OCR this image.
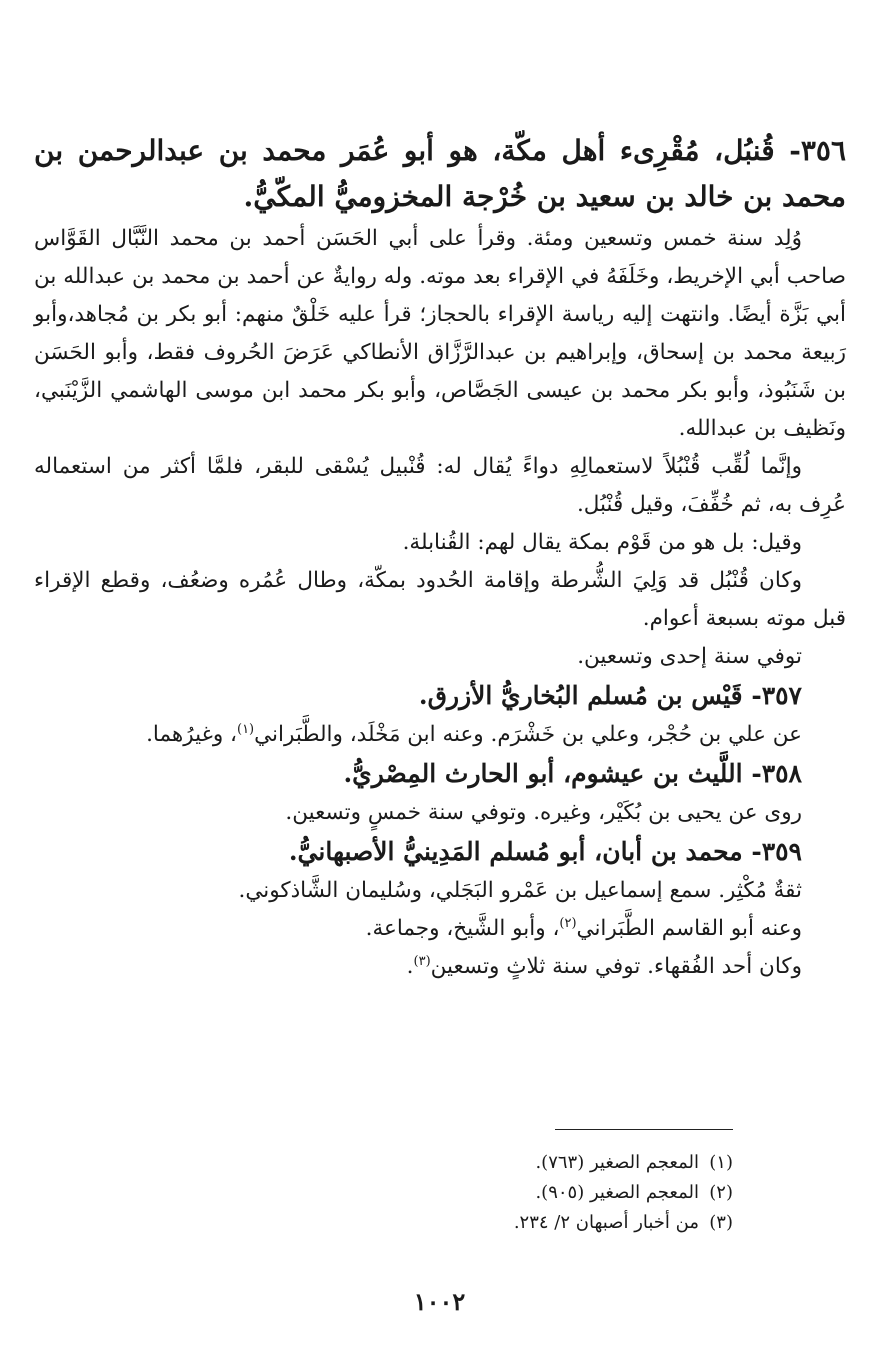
٣٥٦- قُنبُل، مُقْرِىء أهل مكّة، هو أبو عُمَر محمد بن عبدالرحمن بن محمد بن خالد بن سعيد بن خُرْجة المخزوميُّ المكّيُّ.

وُلِد سنة خمس وتسعين ومئة. وقرأ على أبي الحَسَن أحمد بن محمد النَّبَّال القَوَّاس صاحب أبي الإخريط، وخَلَفَهُ في الإقراء بعد موته. وله روايةٌ عن أحمد بن محمد بن عبدالله بن أبي بَزَّة أيضًا. وانتهت إليه رياسة الإقراء بالحجاز؛ قرأ عليه خَلْقٌ منهم: أبو بكر بن مُجاهد،وأبو رَبيعة محمد بن إسحاق، وإبراهيم بن عبدالرَّزَّاق الأنطاكي عَرَضَ الحُروف فقط، وأبو الحَسَن بن شَنَبُوذ، وأبو بكر محمد بن عيسى الجَصَّاص، وأبو بكر محمد ابن موسى الهاشمي الزَّيْنَبي، ونَظيف بن عبدالله.

وإنَّما لُقِّب قُنْبُلاً لاستعمالِهِ دواءً يُقال له: قُنْبيل يُسْقى للبقر، فلمَّا أكثر من استعماله عُرِف به، ثم خُفِّفَ، وقيل قُنْبُل.

وقيل: بل هو من قَوْم بمكة يقال لهم: القُنابلة.

وكان قُنْبُل قد وَلِيَ الشُّرطة وإقامة الحُدود بمكّة، وطال عُمُره وضعُف، وقطع الإقراء قبل موته بسبعة أعوام.

توفي سنة إحدى وتسعين.

٣٥٧- قَيْس بن مُسلم البُخاريُّ الأزرق.

عن علي بن حُجْر، وعلي بن خَشْرَم. وعنه ابن مَخْلَد، والطَّبَراني$^{(١)}$، وغيرُهما.

٣٥٨- اللَّيث بن عيشوم، أبو الحارث المِصْريُّ.

روى عن يحيى بن بُكَيْر، وغيره. وتوفي سنة خمسٍ وتسعين.

٣٥٩- محمد بن أبان، أبو مُسلم المَدِينيُّ الأصبهانيُّ.

ثقةٌ مُكْثِر. سمع إسماعيل بن عَمْرو البَجَلي، وسُليمان الشَّاذكوني.

وعنه أبو القاسم الطَّبَراني$^{(٢)}$، وأبو الشَّيخ، وجماعة.

وكان أحد الفُقهاء. توفي سنة ثلاثٍ وتسعين$^{(٣)}$.

(١)المعجم الصغير (٧٦٣).

(٢)المعجم الصغير (٩٠٥).

(٣)من أخبار أصبهان ٢/ ٢٣٤.

١٠٠٢
